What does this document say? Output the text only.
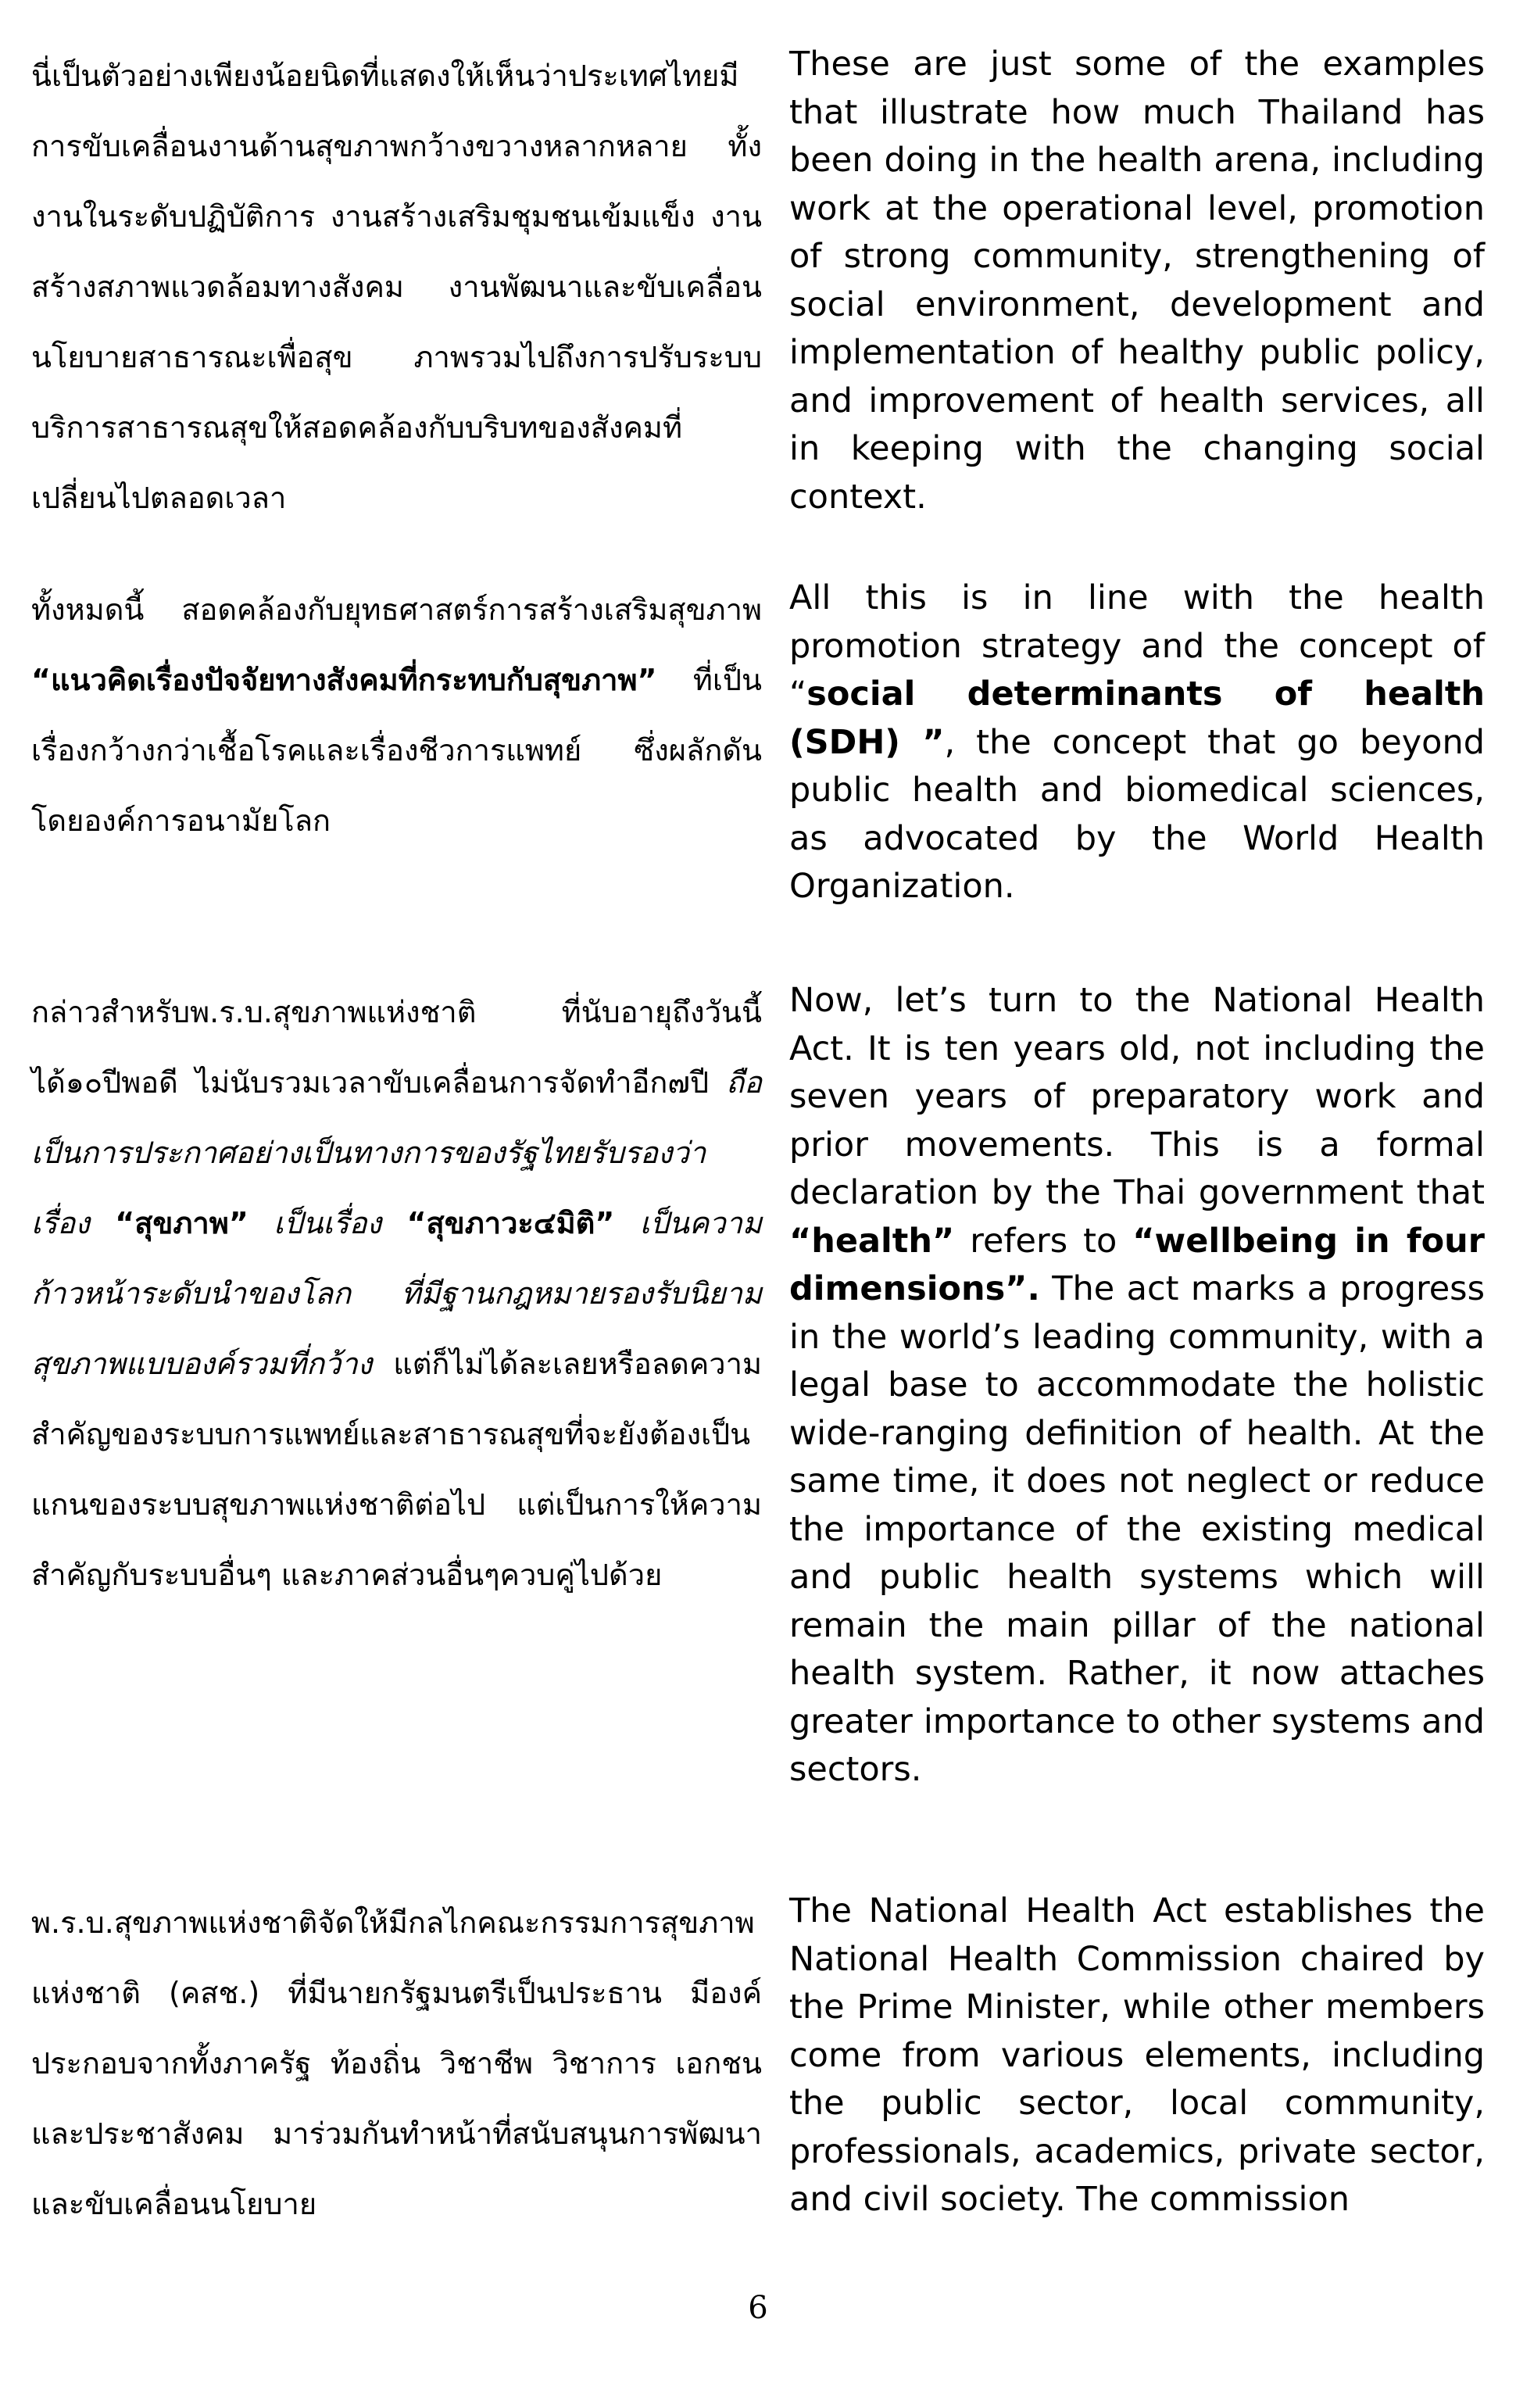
นี่เป็นตัวอย่างเพียงน้อยนิดที่แสดงให้เห็นว่าประเทศไทยมีการขับเคลื่อนงานด้านสุขภาพกว้างขวางหลากหลาย ทั้งงานในระดับปฏิบัติการ งานสร้างเสริมชุมชนเข้มแข็ง งานสร้างสภาพแวดล้อมทางสังคม งานพัฒนาและขับเคลื่อนนโยบายสาธารณะเพื่อสุข ภาพรวมไปถึงการปรับระบบบริการสาธารณสุขให้สอดคล้องกับบริบทของสังคมที่เปลี่ยนไปตลอดเวลา

These are just some of the examples that illustrate how much Thailand has been doing in the health arena, including work at the operational level, promotion of strong community, strengthening of social environment, development and implementation of healthy public policy, and improvement of health services, all in keeping with the changing social context.

ทั้งหมดนี้ สอดคล้องกับยุทธศาสตร์การสร้างเสริมสุขภาพ “แนวคิดเรื่องปัจจัยทางสังคมที่กระทบกับสุขภาพ” ที่เป็นเรื่องกว้างกว่าเชื้อโรคและเรื่องชีวการแพทย์ ซึ่งผลักดันโดยองค์การอนามัยโลก

All this is in line with the health promotion strategy and the concept of “social determinants of health (SDH) ”, the concept that go beyond public health and biomedical sciences, as advocated by the World Health Organization.

กล่าวสำหรับพ.ร.บ.สุขภาพแห่งชาติ ที่นับอายุถึงวันนี้ได้๑๐ปีพอดี ไม่นับรวมเวลาขับเคลื่อนการจัดทำอีก๗ปี ถือเป็นการประกาศอย่างเป็นทางการของรัฐไทยรับรองว่าเรื่อง “สุขภาพ” เป็นเรื่อง “สุขภาวะ๔มิติ” เป็นความก้าวหน้าระดับนำของโลก ที่มีฐานกฎหมายรองรับนิยามสุขภาพแบบองค์รวมที่กว้าง แต่ก็ไม่ได้ละเลยหรือลดความสำคัญของระบบการแพทย์และสาธารณสุขที่จะยังต้องเป็นแกนของระบบสุขภาพแห่งชาติต่อไป แต่เป็นการให้ความสำคัญกับระบบอื่นๆ และภาคส่วนอื่นๆควบคู่ไปด้วย

Now, let’s turn to the National Health Act. It is ten years old, not including the seven years of preparatory work and prior movements. This is a formal declaration by the Thai government that “health” refers to “wellbeing in four dimensions”. The act marks a progress in the world’s leading community, with a legal base to accommodate the holistic wide-ranging definition of health. At the same time, it does not neglect or reduce the importance of the existing medical and public health systems which will remain the main pillar of the national health system. Rather, it now attaches greater importance to other systems and sectors.

พ.ร.บ.สุขภาพแห่งชาติจัดให้มีกลไกคณะกรรมการสุขภาพแห่งชาติ (คสช.) ที่มีนายกรัฐมนตรีเป็นประธาน มีองค์ประกอบจากทั้งภาครัฐ ท้องถิ่น วิชาชีพ วิชาการ เอกชนและประชาสังคม มาร่วมกันทำหน้าที่สนับสนุนการพัฒนาและขับเคลื่อนนโยบาย

The National Health Act establishes the National Health Commission chaired by the Prime Minister, while other members come from various elements, including the public sector, local community, professionals, academics, private sector, and civil society. The commission

6
